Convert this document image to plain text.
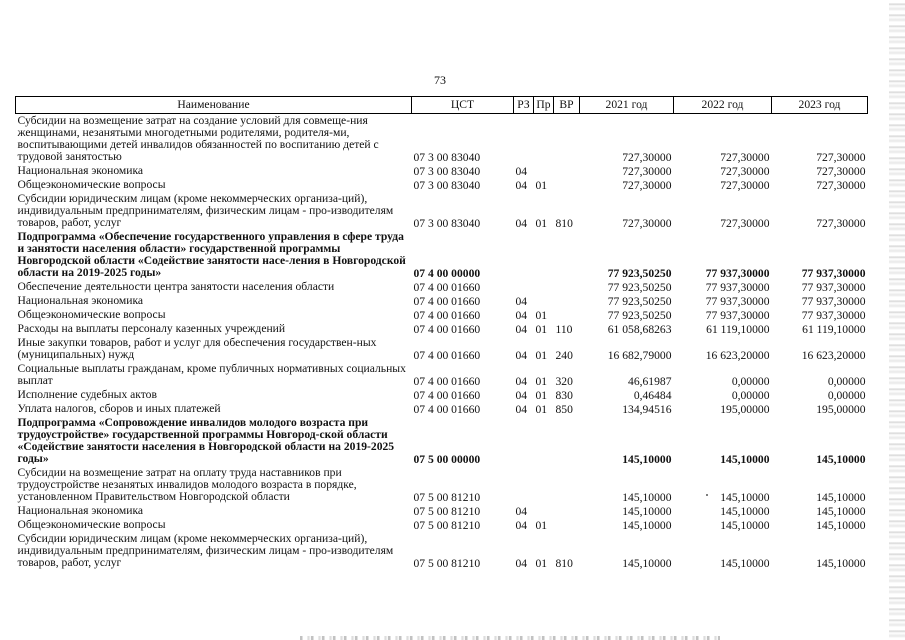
73
Наименование	ЦСТ	РЗ	Пр	ВР	2021 год	2022 год	2023 год
Субсидии на возмещение затрат на создание условий для совмеще-ния женщинами, незанятыми многодетными родителями, родителя-ми, воспитывающими детей инвалидов обязанностей по воспитанию детей с трудовой занятостью	07 3 00 83040				727,30000	727,30000	727,30000
Национальная экономика	07 3 00 83040	04			727,30000	727,30000	727,30000
Общеэкономические вопросы	07 3 00 83040	04	01		727,30000	727,30000	727,30000
Субсидии юридическим лицам (кроме некоммерческих организа-ций), индивидуальным предпринимателям, физическим лицам - про-изводителям товаров, работ, услуг	07 3 00 83040	04	01	810	727,30000	727,30000	727,30000
Подпрограмма «Обеспечение государственного управления в сфере труда и занятости населения области» государственной программы Новгородской области «Содействие занятости насе-ления в Новгородской области на 2019-2025 годы»	07 4 00 00000				77 923,50250	77 937,30000	77 937,30000
Обеспечение деятельности центра занятости населения области	07 4 00 01660				77 923,50250	77 937,30000	77 937,30000
Национальная экономика	07 4 00 01660	04			77 923,50250	77 937,30000	77 937,30000
Общеэкономические вопросы	07 4 00 01660	04	01		77 923,50250	77 937,30000	77 937,30000
Расходы на выплаты персоналу казенных учреждений	07 4 00 01660	04	01	110	61 058,68263	61 119,10000	61 119,10000
Иные закупки товаров, работ и услуг для обеспечения государствен-ных (муниципальных) нужд	07 4 00 01660	04	01	240	16 682,79000	16 623,20000	16 623,20000
Социальные выплаты гражданам, кроме публичных нормативных социальных выплат	07 4 00 01660	04	01	320	46,61987	0,00000	0,00000
Исполнение судебных актов	07 4 00 01660	04	01	830	0,46484	0,00000	0,00000
Уплата налогов, сборов и иных платежей	07 4 00 01660	04	01	850	134,94516	195,00000	195,00000
Подпрограмма «Сопровождение инвалидов молодого возраста при трудоустройстве» государственной программы Новгород-ской области «Содействие занятости населения в Новгородской области на 2019-2025 годы»	07 5 00 00000				145,10000	145,10000	145,10000
Субсидии на возмещение затрат на оплату труда наставников при трудоустройстве незанятых инвалидов молодого возраста в порядке, установленном Правительством Новгородской области	07 5 00 81210				145,10000	145,10000	145,10000
Национальная экономика	07 5 00 81210	04			145,10000	145,10000	145,10000
Общеэкономические вопросы	07 5 00 81210	04	01		145,10000	145,10000	145,10000
Субсидии юридическим лицам (кроме некоммерческих организа-ций), индивидуальным предпринимателям, физическим лицам - про-изводителям товаров, работ, услуг	07 5 00 81210	04	01	810	145,10000	145,10000	145,10000
